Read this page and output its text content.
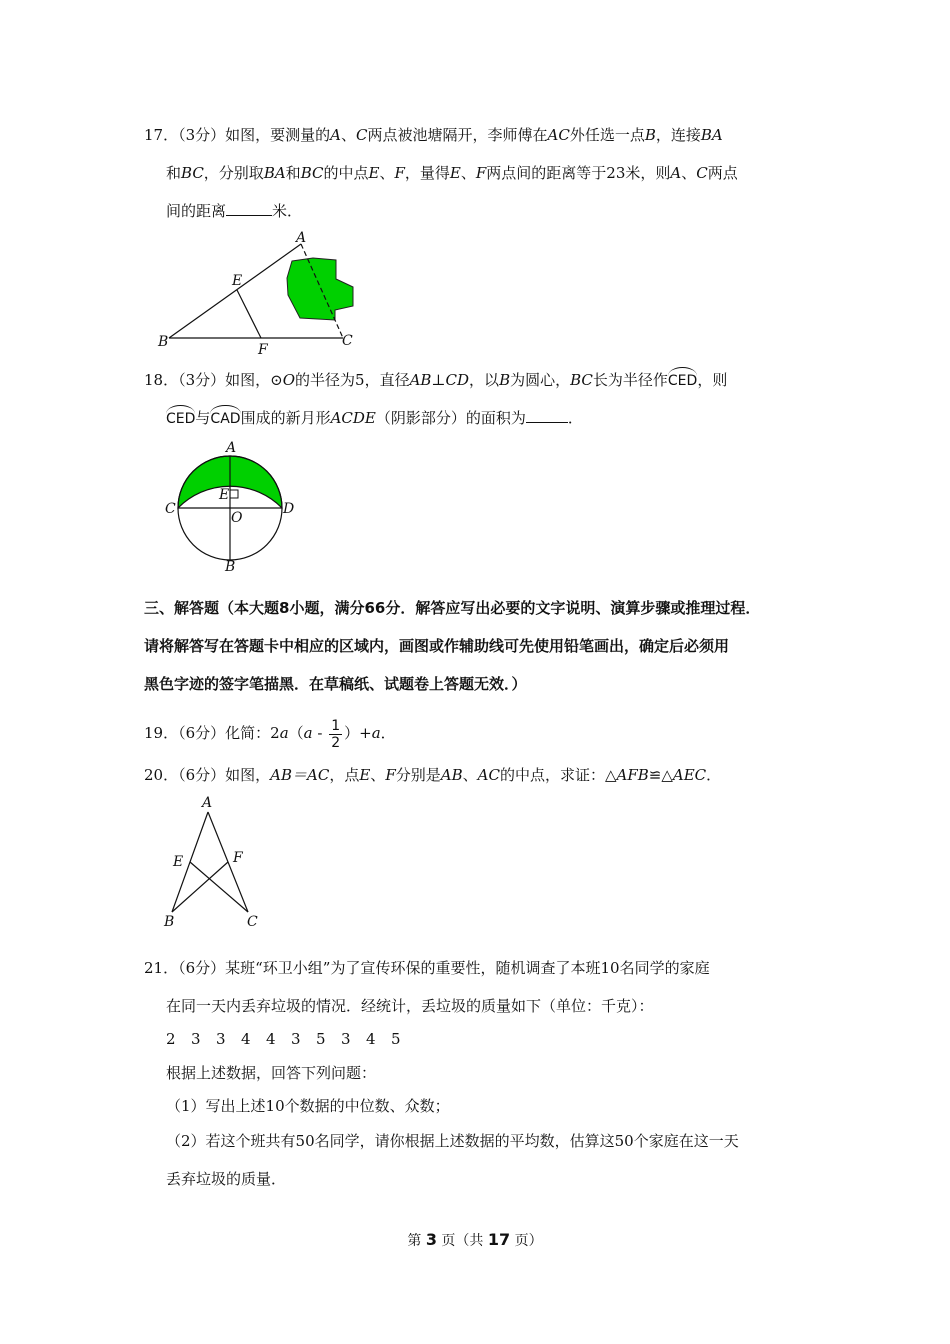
17．（3分）如图，要测量的A、C两点被池塘隔开，李师傅在AC外任选一点B，连接BA
和BC，分别取BA和BC的中点E、F，量得E、F两点间的距离等于23米，则A、C两点
间的距离	米．
A
E
B	F
C
18．（3分）如图，⊙O的半径为5，直径AB⊥CD，以B为圆心，BC长为半径作CED，则
CED与CAD围成的新月形ACDE（阴影部分）的面积为	．
A
C
E
O
D
B
三、解答题（本大题8小题，满分66分．解答应写出必要的文字说明、演算步骤或推理过程．
请将解答写在答题卡中相应的区域内，画图或作辅助线可先使用铅笔画出，确定后必须用
黑色字迹的签字笔描黑．在草稿纸、试题卷上答题无效．）
19．（6分）化简：$2a(a - \frac{1}{2} )+a$．
20．（6分）如图，AB＝AC，点E、F分别是AB、AC的中点，求证：△AFB≌△AEC．
A
E	F
B	C
21．（6分）某班“环卫小组”为了宣传环保的重要性，随机调查了本班10名同学的家庭
在同一天内丢弃垃圾的情况．经统计，丢垃圾的质量如下（单位：千克）：
2 3 3 4 4 3 5 3 4 5
根据上述数据，回答下列问题：
（1）写出上述10个数据的中位数、众数；
（2）若这个班共有50名同学，请你根据上述数据的平均数，估算这50个家庭在这一天
丢弃垃圾的质量．
第 3 页（共 17 页）
